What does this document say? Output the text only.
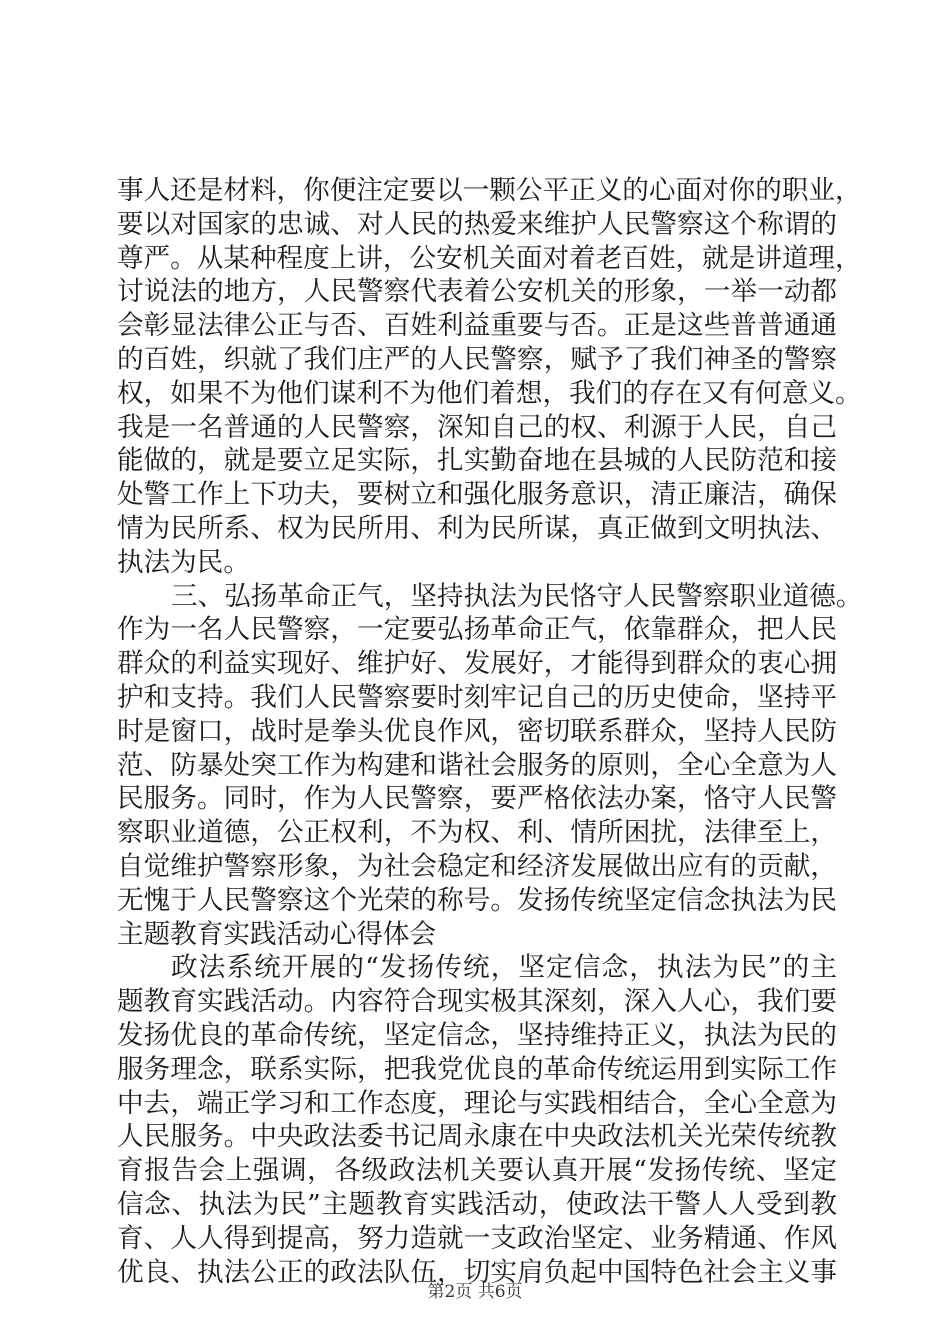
事人还是材料，你便注定要以一颗公平正义的心面对你的职业，
要以对国家的忠诚、对人民的热爱来维护人民警察这个称谓的
尊严。从某种程度上讲，公安机关面对着老百姓，就是讲道理，
讨说法的地方，人民警察代表着公安机关的形象，一举一动都
会彰显法律公正与否、百姓利益重要与否。正是这些普普通通
的百姓，织就了我们庄严的人民警察，赋予了我们神圣的警察
权，如果不为他们谋利不为他们着想，我们的存在又有何意义。
我是一名普通的人民警察，深知自己的权、利源于人民，自己
能做的，就是要立足实际，扎实勤奋地在县城的人民防范和接
处警工作上下功夫，要树立和强化服务意识，清正廉洁，确保
情为民所系、权为民所用、利为民所谋，真正做到文明执法、
执法为民。
三、弘扬革命正气，坚持执法为民恪守人民警察职业道德。
作为一名人民警察，一定要弘扬革命正气，依靠群众，把人民
群众的利益实现好、维护好、发展好，才能得到群众的衷心拥
护和支持。我们人民警察要时刻牢记自己的历史使命，坚持平
时是窗口，战时是拳头优良作风，密切联系群众，坚持人民防
范、防暴处突工作为构建和谐社会服务的原则，全心全意为人
民服务。同时，作为人民警察，要严格依法办案，恪守人民警
察职业道德，公正权利，不为权、利、情所困扰，法律至上，
自觉维护警察形象，为社会稳定和经济发展做出应有的贡献，
无愧于人民警察这个光荣的称号。发扬传统坚定信念执法为民
主题教育实践活动心得体会
政法系统开展的“发扬传统，坚定信念，执法为民”的主
题教育实践活动。内容符合现实极其深刻，深入人心，我们要
发扬优良的革命传统，坚定信念，坚持维持正义，执法为民的
服务理念，联系实际，把我党优良的革命传统运用到实际工作
中去，端正学习和工作态度，理论与实践相结合，全心全意为
人民服务。中央政法委书记周永康在中央政法机关光荣传统教
育报告会上强调，各级政法机关要认真开展“发扬传统、坚定
信念、执法为民”主题教育实践活动，使政法干警人人受到教
育、人人得到提高，努力造就一支政治坚定、业务精通、作风
优良、执法公正的政法队伍，切实肩负起中国特色社会主义事
第2页 共6页
